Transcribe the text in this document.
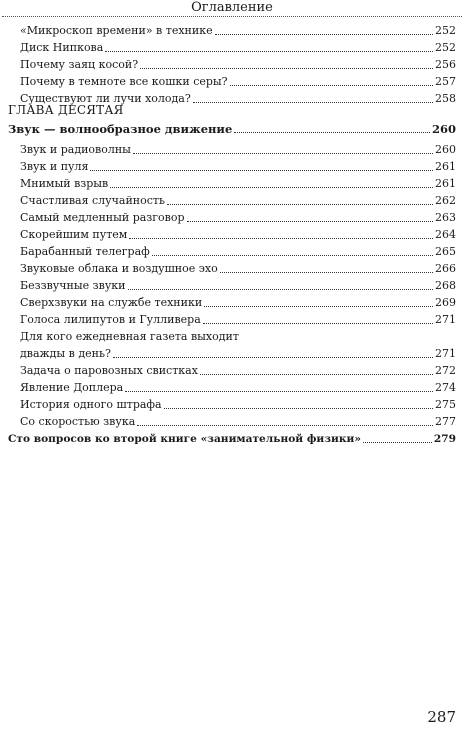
Оглавление
«Микроскоп времени» в технике	252
Диск Нипкова	252
Почему заяц косой?	256
Почему в темноте все кошки серы?	257
Существуют ли лучи холода?	258
ГЛАВА ДЕСЯТАЯ
Звук — волнообразное движение	260
Звук и радиоволны	260
Звук и пуля	261
Мнимый взрыв	261
Счастливая случайность	262
Самый медленный разговор	263
Скорейшим путем	264
Барабанный телеграф	265
Звуковые облака и воздушное эхо	266
Беззвучные звуки	268
Сверхзвуки на службе техники	269
Голоса лилипутов и Гулливера	271
Для кого ежедневная газета выходит
дважды в день?	271
Задача о паровозных свистках	272
Явление Доплера	274
История одного штрафа	275
Со скоростью звука	277
Сто вопросов ко второй книге «занимательной физики»	279
287
